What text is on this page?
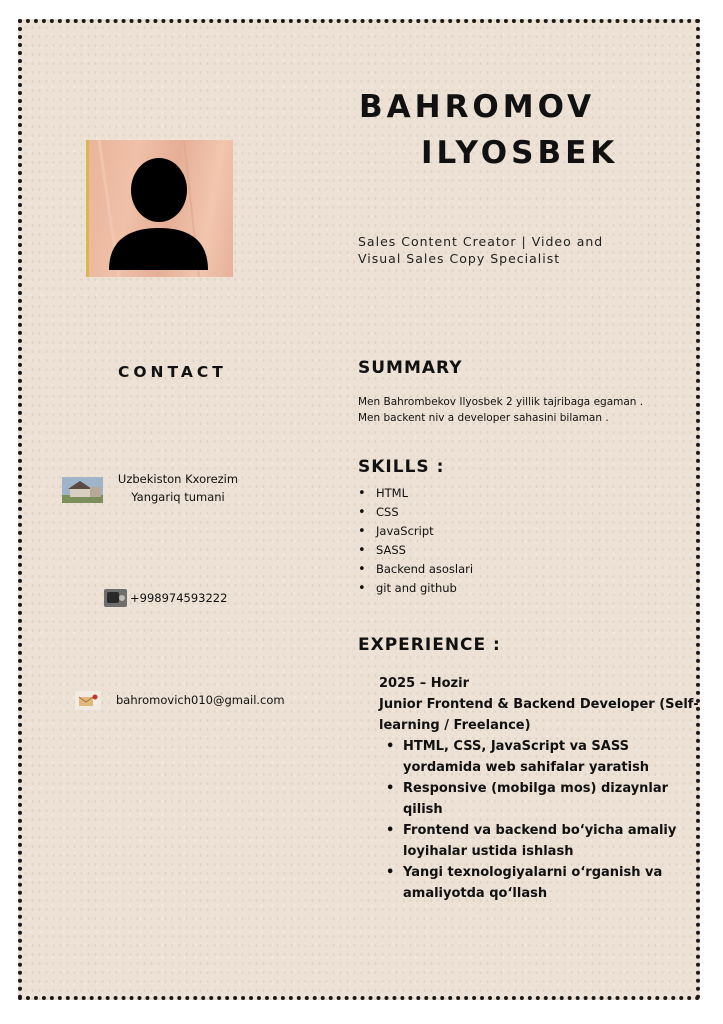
BAHROMOV
ILYOSBEK
Sales Content Creator | Video and Visual Sales Copy Specialist
CONTACT
Uzbekiston Kxorezim
Yangariq tumani
+998974593222
bahromovich010@gmail.com
SUMMARY
Men Bahrombekov Ilyosbek 2 yillik tajribaga egaman .
Men backent niv a developer sahasini bilaman .
SKILLS :
• HTML
• CSS
• JavaScript
• SASS
• Backend asoslari
• git and github
EXPERIENCE :
2025 – Hozir
Junior Frontend & Backend Developer (Self-learning / Freelance)
• HTML, CSS, JavaScript va SASS yordamida web sahifalar yaratish
• Responsive (mobilga mos) dizaynlar qilish
• Frontend va backend bo‘yicha amaliy loyihalar ustida ishlash
• Yangi texnologiyalarni o‘rganish va amaliyotda qo‘llash
